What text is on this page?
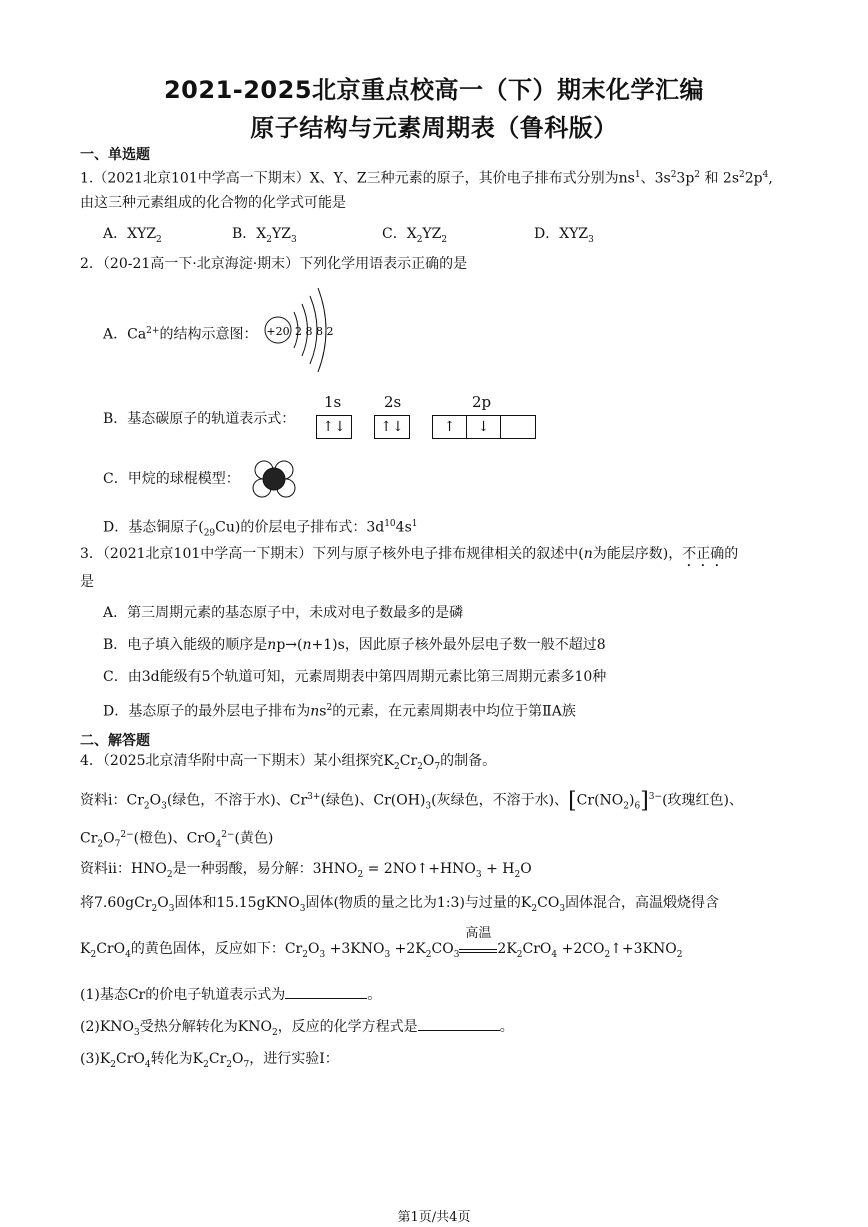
2021-2025北京重点校高一（下）期末化学汇编
原子结构与元素周期表（鲁科版）
一、单选题
1.（2021北京101中学高一下期末）X、Y、Z三种元素的原子，其价电子排布式分别为$ns^1$、$3s^23p^2$ 和 $2s^22p^4$,
由这三种元素组成的化合物的化学式可能是
A．$XYZ_2$	B．$X_2YZ_3$	C．$X_2YZ_2$	D．$XYZ_3$
2．（20-21高一下·北京海淀·期末）下列化学用语表示正确的是
A．$Ca^{2+}$的结构示意图： +20 2 8 8 2
B．基态碳原子的轨道表示式：
1s	2s	2p
↑↓	↑↓	↑	↓
C．甲烷的球棍模型：
D．基态铜原子$(_{29}Cu)$的价层电子排布式：$3d^{10}4s^1$
3．（2021北京101中学高一下期末）下列与原子核外电子排布规律相关的叙述中(n为能层序数)，不正确的
是
A．第三周期元素的基态原子中，未成对电子数最多的是磷
B．电子填入能级的顺序是np→(n+1)s，因此原子核外最外层电子数一般不超过8
C．由3d能级有5个轨道可知，元素周期表中第四周期元素比第三周期元素多10种
D．基态原子的最外层电子排布为$ns^2$的元素，在元素周期表中均位于第ⅡA族
二、解答题
4．（2025北京清华附中高一下期末）某小组探究$K_2Cr_2O_7$的制备。
资料ⅰ：$Cr_2O_3$(绿色，不溶于水)、$Cr^{3+}$(绿色)、$Cr(OH)_3$(灰绿色，不溶于水)、$[Cr(NO_2)_6]^{3-}$(玫瑰红色)、
$Cr_2O_7^{2-}$(橙色)、CrO$_4^{2-}$(黄色)
资料ⅱ：$HNO_2$是一种弱酸，易分解：$3HNO_2$ = $2NO↑+HNO_3 + H_2O$
将$7.60gCr_2O_3$固体和15.15gKNO$_3$固体(物质的量之比为1:3)与过量的$K_2CO_3$固体混合，高温煅烧得含
$K_2CrO_4$的黄色固体，反应如下：$Cr_2O_3 +3KNO_3 +2K_2CO_3$
高温
$2K_2CrO_4$ $+2CO_2↑+3KNO_2$
(1)基态Cr的价电子轨道表示式为	。
$(2)KNO_3$受热分解转化为$KNO_2$，反应的化学方程式是	。
$(3)K_2CrO_4$转化为$K_2Cr_2O_7$，进行实验Ⅰ：
第1页/共4页
